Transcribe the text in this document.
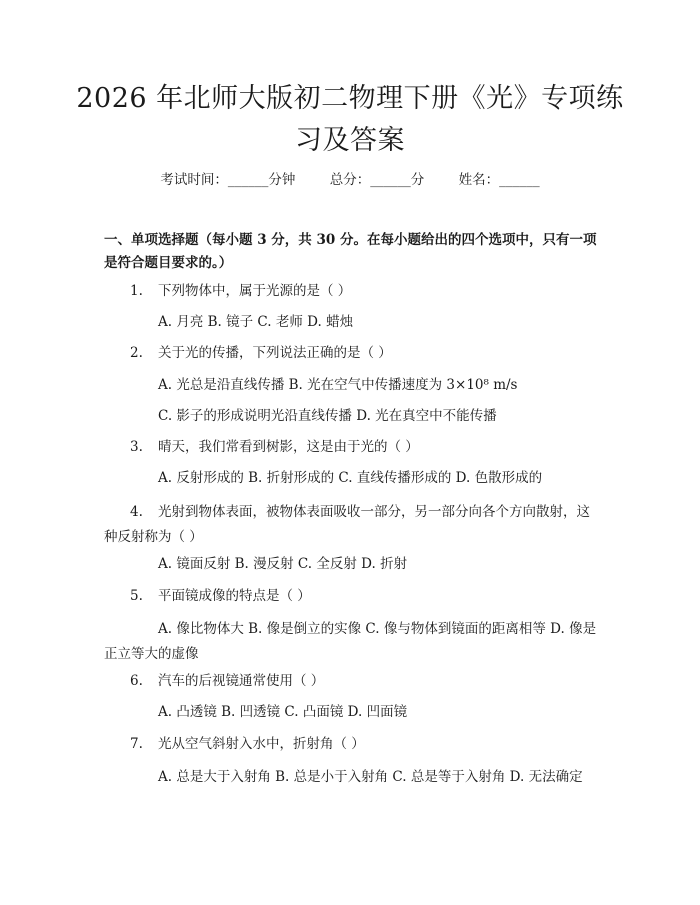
2026 年北师大版初二物理下册《光》专项练
习及答案
考试时间：______分钟	总分：______分	姓名：______
一、单项选择题（每小题 3 分，共 30 分。在每小题给出的四个选项中，只有一项是符合题目要求的。）
1. 下列物体中，属于光源的是（ ）
A. 月亮 B. 镜子 C. 老师 D. 蜡烛
2. 关于光的传播，下列说法正确的是（ ）
A. 光总是沿直线传播 B. 光在空气中传播速度为 3×10⁸ m/s
C. 影子的形成说明光沿直线传播 D. 光在真空中不能传播
3. 晴天，我们常看到树影，这是由于光的（ ）
A. 反射形成的 B. 折射形成的 C. 直线传播形成的 D. 色散形成的
4. 光射到物体表面，被物体表面吸收一部分，另一部分向各个方向散射，这种反射称为（ ）
A. 镜面反射 B. 漫反射 C. 全反射 D. 折射
5. 平面镜成像的特点是（ ）
A. 像比物体大 B. 像是倒立的实像 C. 像与物体到镜面的距离相等 D. 像是正立等大的虚像
6. 汽车的后视镜通常使用（ ）
A. 凸透镜 B. 凹透镜 C. 凸面镜 D. 凹面镜
7. 光从空气斜射入水中，折射角（ ）
A. 总是大于入射角 B. 总是小于入射角 C. 总是等于入射角 D. 无法确定
